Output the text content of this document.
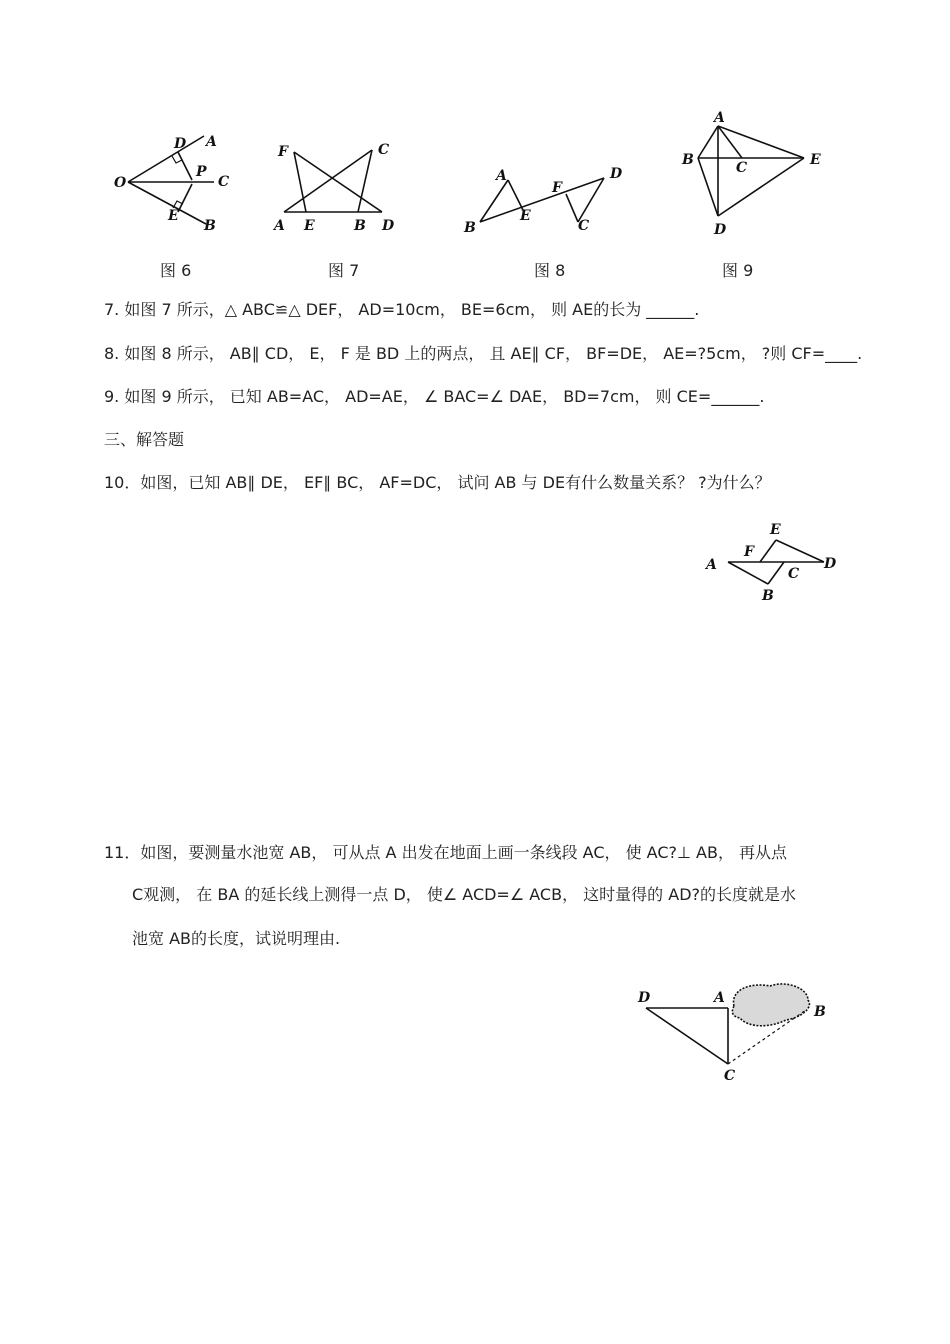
O
D A
P
C
E
B
图 6
F	C
A E	B D
图 7
A
B
E
F
D
C
图 8
A
B	C	E
D
图 9
7. 如图 7 所示，△ ABC≌△ DEF， AD=10cm， BE=6cm， 则 AE的长为 ______.
8. 如图 8 所示， AB∥ CD， E， F 是 BD 上的两点， 且 AE∥ CF， BF=DE， AE=?5cm， ?则 CF=____.
9. 如图 9 所示， 已知 AB=AC， AD=AE， ∠ BAC=∠ DAE， BD=7cm， 则 CE=______.
三、解答题
10．如图，已知 AB∥ DE， EF∥ BC， AF=DC， 试问 AB 与 DE有什么数量关系？ ?为什么？
A
F
E
D
C
B
11．如图，要测量水池宽 AB， 可从点 A 出发在地面上画一条线段 AC， 使 AC?⊥ AB， 再从点
C观测， 在 BA 的延长线上测得一点 D， 使∠ ACD=∠ ACB， 这时量得的 AD?的长度就是水
池宽 AB的长度，试说明理由.
D	A
B
C
